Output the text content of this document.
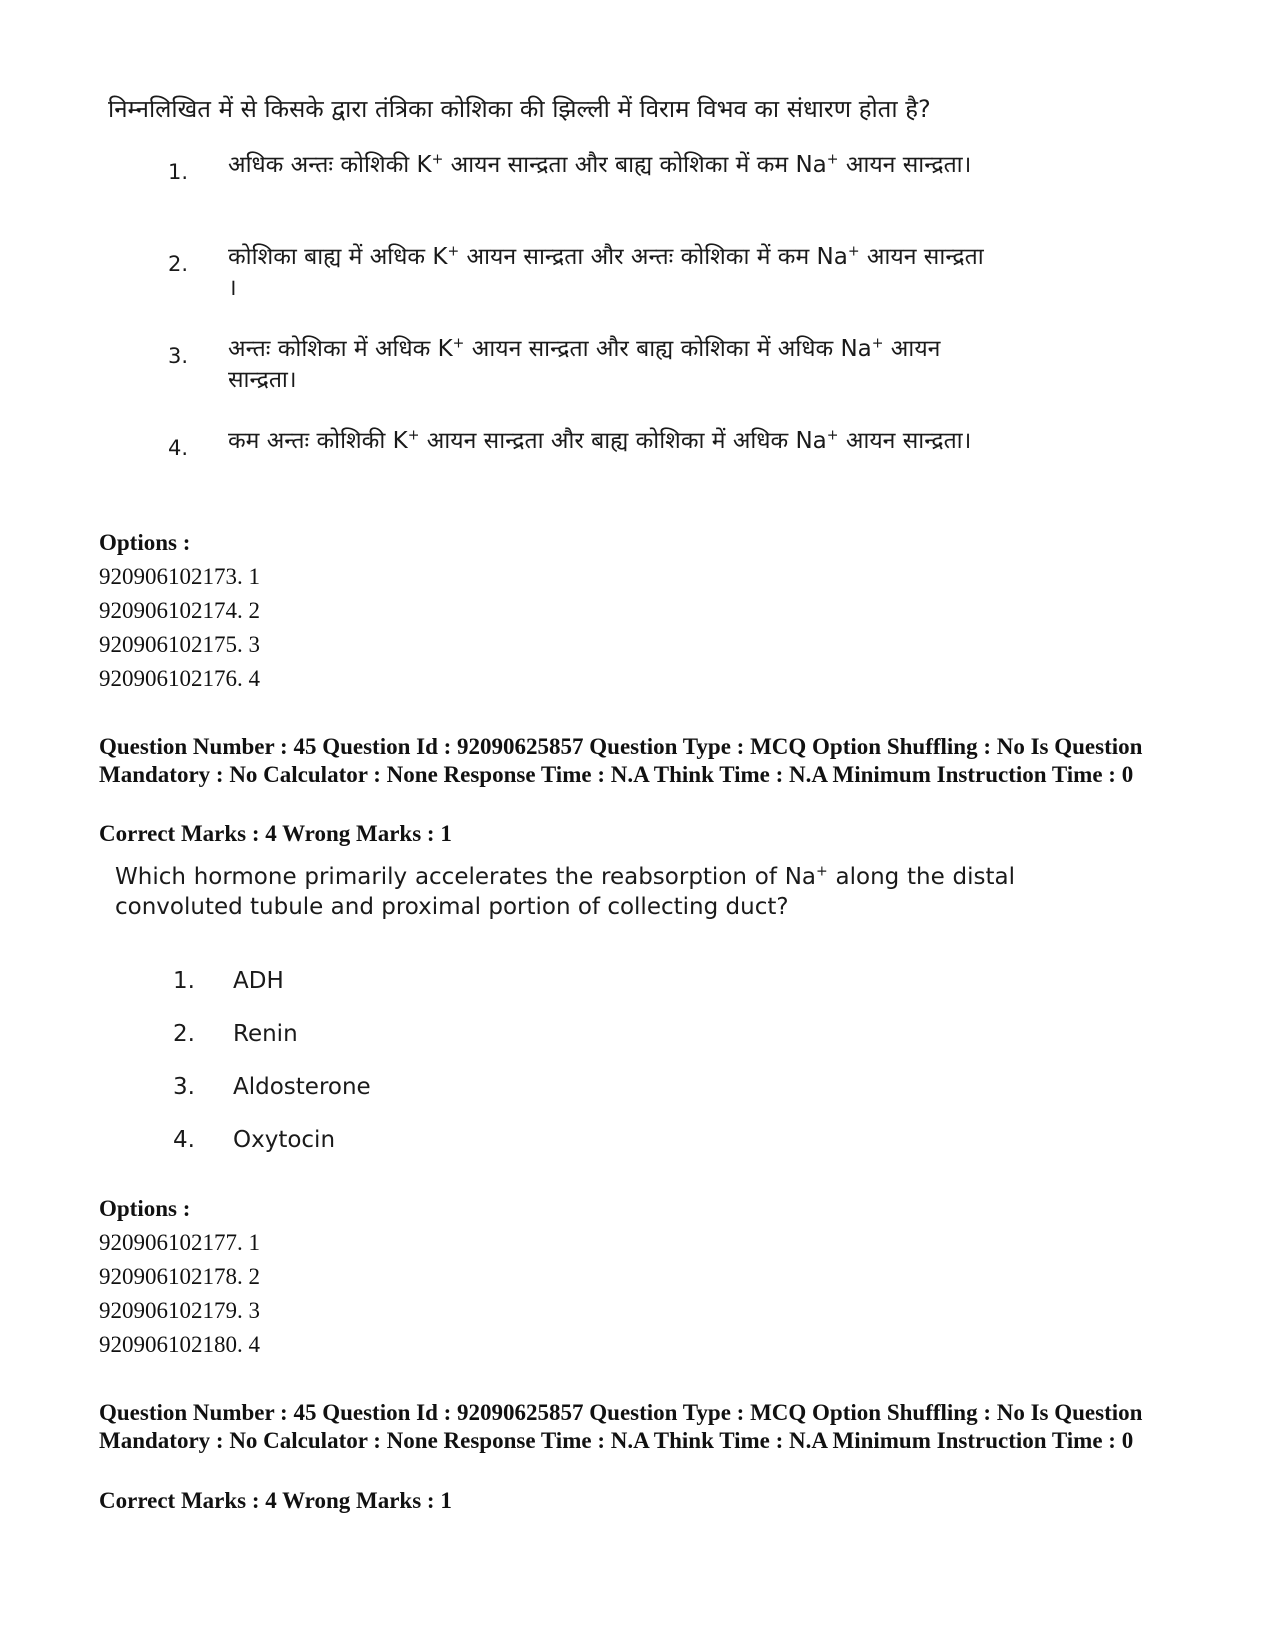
निम्नलिखित में से किसके द्वारा तंत्रिका कोशिका की झिल्ली में विराम विभव का संधारण होता है?
1.	अधिक अन्तः कोशिकी K+ आयन सान्द्रता और बाह्य कोशिका में कम Na+ आयन सान्द्रता।
2.	कोशिका बाह्य में अधिक K+ आयन सान्द्रता और अन्तः कोशिका में कम Na+ आयन सान्द्रता ।
3.	अन्तः कोशिका में अधिक K+ आयन सान्द्रता और बाह्य कोशिका में अधिक Na+ आयन सान्द्रता।
4.	कम अन्तः कोशिकी K+ आयन सान्द्रता और बाह्य कोशिका में अधिक Na+ आयन सान्द्रता।
Options :
920906102173. 1
920906102174. 2
920906102175. 3
920906102176. 4
Question Number : 45 Question Id : 92090625857 Question Type : MCQ Option Shuffling : No Is Question Mandatory : No Calculator : None Response Time : N.A Think Time : N.A Minimum Instruction Time : 0
Correct Marks : 4 Wrong Marks : 1
Which hormone primarily accelerates the reabsorption of Na+ along the distal convoluted tubule and proximal portion of collecting duct?
1.	ADH
2.	Renin
3.	Aldosterone
4.	Oxytocin
Options :
920906102177. 1
920906102178. 2
920906102179. 3
920906102180. 4
Question Number : 45 Question Id : 92090625857 Question Type : MCQ Option Shuffling : No Is Question Mandatory : No Calculator : None Response Time : N.A Think Time : N.A Minimum Instruction Time : 0
Correct Marks : 4 Wrong Marks : 1
